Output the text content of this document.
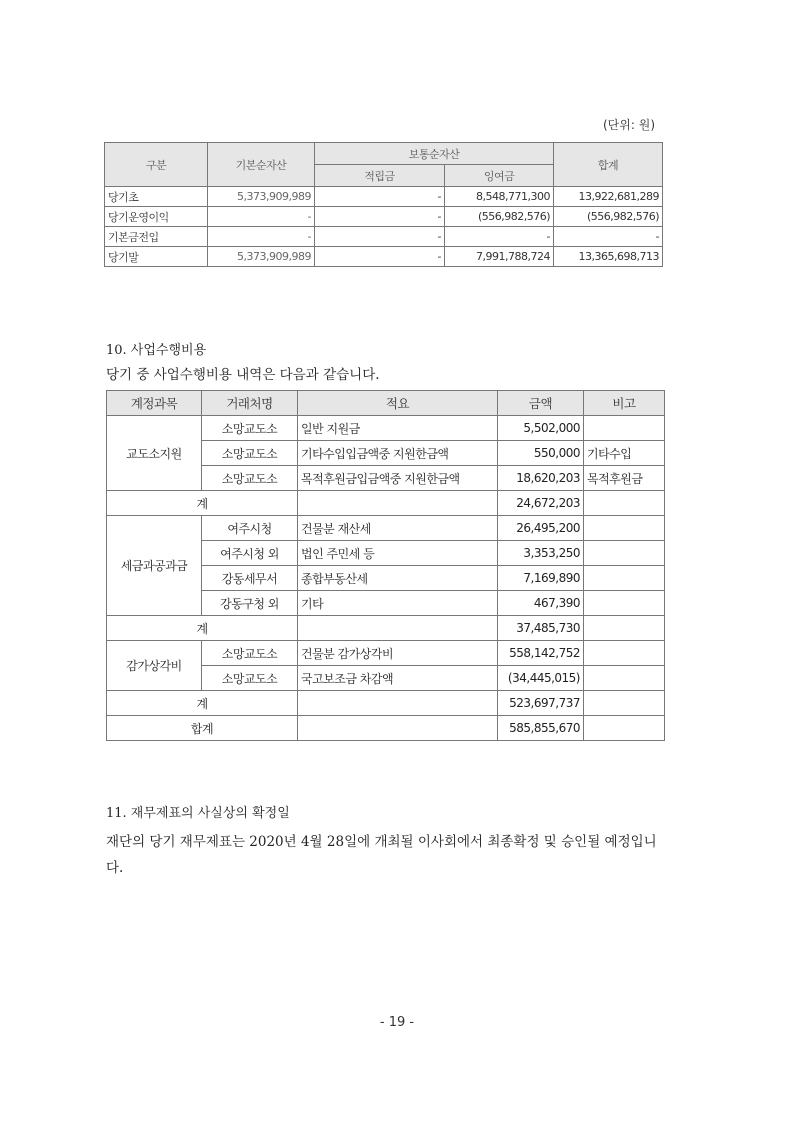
(단위: 원)
구분	기본순자산	보통순자산		합계
		적립금	잉여금	
당기초	5,373,909,989	-	8,548,771,300	13,922,681,289
당기운영이익	-	-	(556,982,576)	(556,982,576)
기본금전입	-	-	-	-
당기말	5,373,909,989	-	7,991,788,724	13,365,698,713
10. 사업수행비용
당기 중 사업수행비용 내역은 다음과 같습니다.
계정과목	거래처명	적요	금액	비고
교도소지원	소망교도소	일반 지원금	5,502,000	
	소망교도소	기타수입입금액중 지원한금액	550,000	기타수입
	소망교도소	목적후원금입금액중 지원한금액	18,620,203	목적후원금
계			24,672,203	
세금과공과금	여주시청	건물분 재산세	26,495,200	
	여주시청 외	법인 주민세 등	3,353,250	
	강동세무서	종합부동산세	7,169,890	
	강동구청 외	기타	467,390	
계			37,485,730	
감가상각비	소망교도소	건물분 감가상각비	558,142,752	
	소망교도소	국고보조금 차감액	(34,445,015)	
계			523,697,737	
합계			585,855,670	
11. 재무제표의 사실상의 확정일
재단의 당기 재무제표는 2020년 4월 28일에 개최될 이사회에서 최종확정 및 승인될 예정입니다.
- 19 -
